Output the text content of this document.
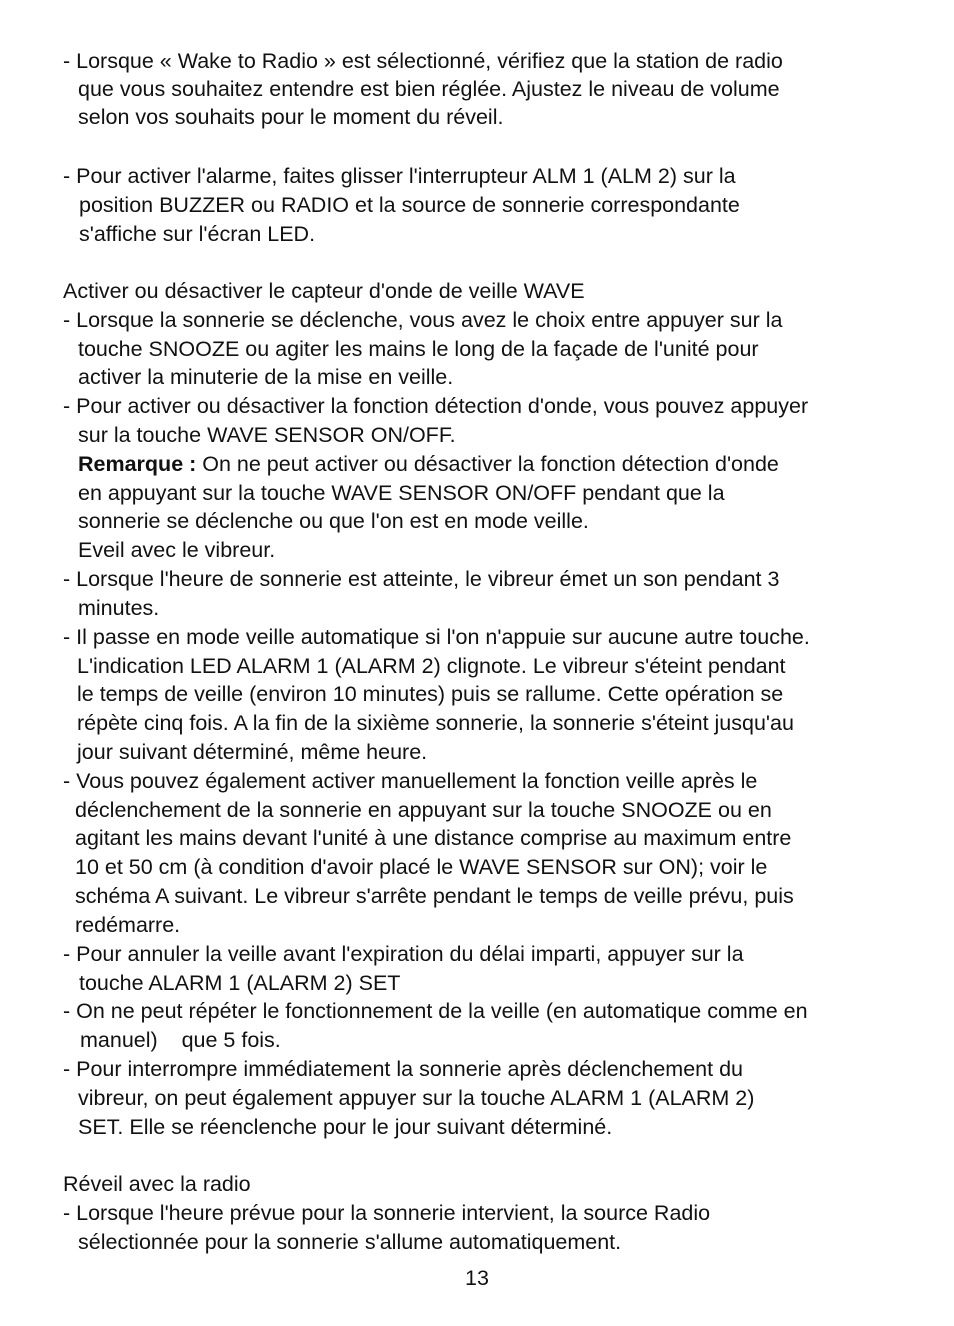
- Lorsque « Wake to Radio » est sélectionné, vérifiez que la station de radio
que vous souhaitez entendre est bien réglée. Ajustez le niveau de volume
selon vos souhaits pour le moment du réveil.
- Pour activer l'alarme, faites glisser l'interrupteur ALM 1 (ALM 2) sur la
position BUZZER ou RADIO et la source de sonnerie correspondante
s'affiche sur l'écran LED.
Activer ou désactiver le capteur d'onde de veille WAVE
- Lorsque la sonnerie se déclenche, vous avez le choix entre appuyer sur la
touche SNOOZE ou agiter les mains le long de la façade de l'unité pour
activer la minuterie de la mise en veille.
- Pour activer ou désactiver la fonction détection d'onde, vous pouvez appuyer
sur la touche WAVE SENSOR ON/OFF.
Remarque : On ne peut activer ou désactiver la fonction détection d'onde
en appuyant sur la touche WAVE SENSOR ON/OFF pendant que la
sonnerie se déclenche ou que l'on est en mode veille.
Eveil avec le vibreur.
- Lorsque l'heure de sonnerie est atteinte, le vibreur émet un son pendant 3
minutes.
- Il passe en mode veille automatique si l'on n'appuie sur aucune autre touche.
L'indication LED ALARM 1 (ALARM 2) clignote. Le vibreur s'éteint pendant
le temps de veille (environ 10 minutes) puis se rallume. Cette opération se
répète cinq fois. A la fin de la sixième sonnerie, la sonnerie s'éteint jusqu'au
jour suivant déterminé, même heure.
- Vous pouvez également activer manuellement la fonction veille après le
déclenchement de la sonnerie en appuyant sur la touche SNOOZE ou en
agitant les mains devant l'unité à une distance comprise au maximum entre
10 et 50 cm (à condition d'avoir placé le WAVE SENSOR sur ON); voir le
schéma A suivant. Le vibreur s'arrête pendant le temps de veille prévu, puis
redémarre.
- Pour annuler la veille avant l'expiration du délai imparti, appuyer sur la
touche ALARM 1 (ALARM 2) SET
- On ne peut répéter le fonctionnement de la veille (en automatique comme en
manuel)    que 5 fois.
- Pour interrompre immédiatement la sonnerie après déclenchement du
vibreur, on peut également appuyer sur la touche ALARM 1 (ALARM 2)
SET. Elle se réenclenche pour le jour suivant déterminé.
Réveil avec la radio
- Lorsque l'heure prévue pour la sonnerie intervient, la source Radio
sélectionnée pour la sonnerie s'allume automatiquement.
13
